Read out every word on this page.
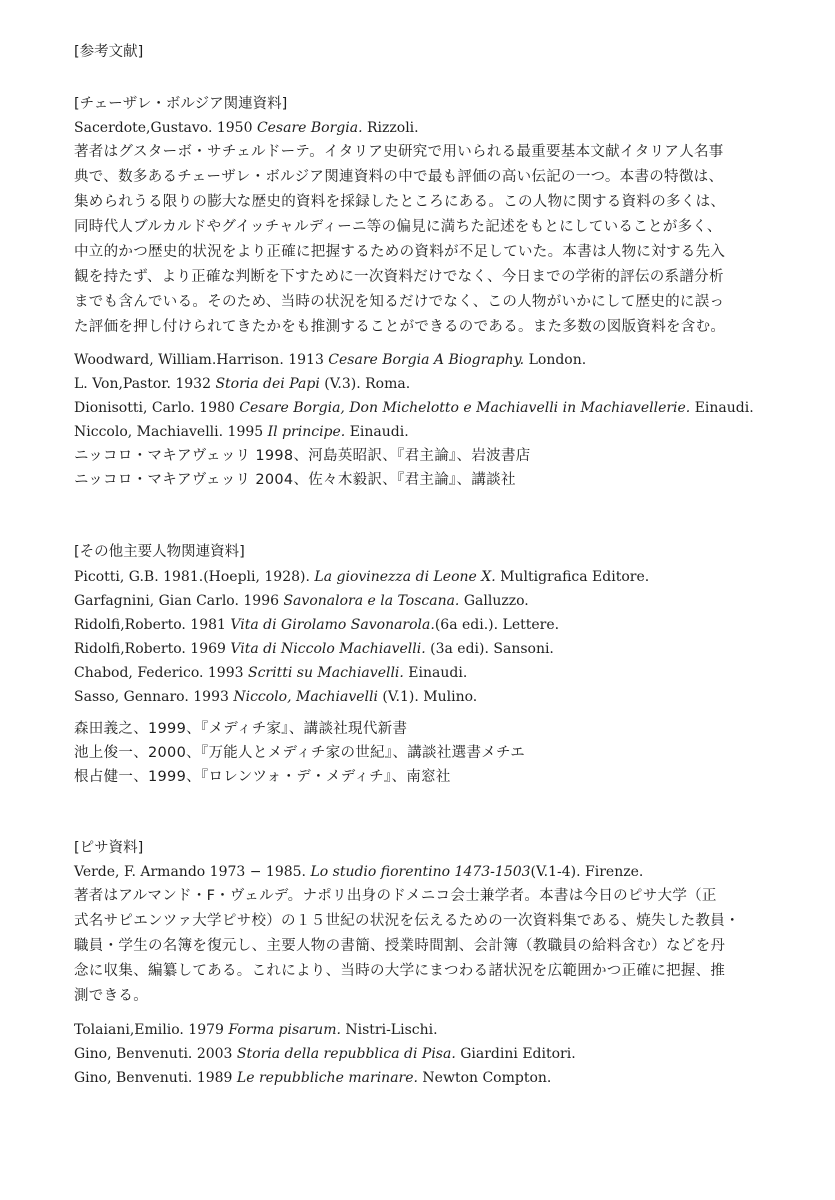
[参考文献]
[チェーザレ・ボルジア関連資料]
Sacerdote,Gustavo. 1950 Cesare Borgia. Rizzoli.
著者はグスターボ・サチェルドーテ。イタリア史研究で用いられる最重要基本文献イタリア人名事
典で、数多あるチェーザレ・ボルジア関連資料の中で最も評価の高い伝記の一つ。本書の特徴は、
集められうる限りの膨大な歴史的資料を採録したところにある。この人物に関する資料の多くは、
同時代人ブルカルドやグイッチャルディーニ等の偏見に満ちた記述をもとにしていることが多く、
中立的かつ歴史的状況をより正確に把握するための資料が不足していた。本書は人物に対する先入
観を持たず、より正確な判断を下すために一次資料だけでなく、今日までの学術的評伝の系譜分析
までも含んでいる。そのため、当時の状況を知るだけでなく、この人物がいかにして歴史的に誤っ
た評価を押し付けられてきたかをも推測することができるのである。また多数の図版資料を含む。
Woodward, William.Harrison. 1913 Cesare Borgia A Biography. London.
L. Von,Pastor. 1932 Storia dei Papi (V.3). Roma.
Dionisotti, Carlo. 1980 Cesare Borgia, Don Michelotto e Machiavelli in Machiavellerie. Einaudi.
Niccolo, Machiavelli. 1995 Il principe. Einaudi.
ニッコロ・マキアヴェッリ 1998、河島英昭訳、『君主論』、岩波書店
ニッコロ・マキアヴェッリ 2004、佐々木毅訳、『君主論』、講談社
[その他主要人物関連資料]
Picotti, G.B. 1981.(Hoepli, 1928). La giovinezza di Leone X. Multigrafica Editore.
Garfagnini, Gian Carlo. 1996 Savonalora e la Toscana. Galluzzo.
Ridolfi,Roberto. 1981 Vita di Girolamo Savonarola.(6a edi.). Lettere.
Ridolfi,Roberto. 1969 Vita di Niccolo Machiavelli. (3a edi). Sansoni.
Chabod, Federico. 1993 Scritti su Machiavelli. Einaudi.
Sasso, Gennaro. 1993 Niccolo, Machiavelli (V.1). Mulino.
森田義之、1999、『メディチ家』、講談社現代新書
池上俊一、2000、『万能人とメディチ家の世紀』、講談社選書メチエ
根占健一、1999、『ロレンツォ・デ・メディチ』、南窓社
[ピサ資料]
Verde, F. Armando 1973 − 1985. Lo studio fiorentino 1473-1503(V.1-4). Firenze.
著者はアルマンド・F・ヴェルデ。ナポリ出身のドメニコ会士兼学者。本書は今日のピサ大学（正
式名サピエンツァ大学ピサ校）の１５世紀の状況を伝えるための一次資料集である、焼失した教員・
職員・学生の名簿を復元し、主要人物の書簡、授業時間割、会計簿（教職員の給料含む）などを丹
念に収集、編纂してある。これにより、当時の大学にまつわる諸状況を広範囲かつ正確に把握、推
測できる。
Tolaiani,Emilio. 1979 Forma pisarum. Nistri-Lischi.
Gino, Benvenuti. 2003 Storia della repubblica di Pisa. Giardini Editori.
Gino, Benvenuti. 1989 Le repubbliche marinare. Newton Compton.
